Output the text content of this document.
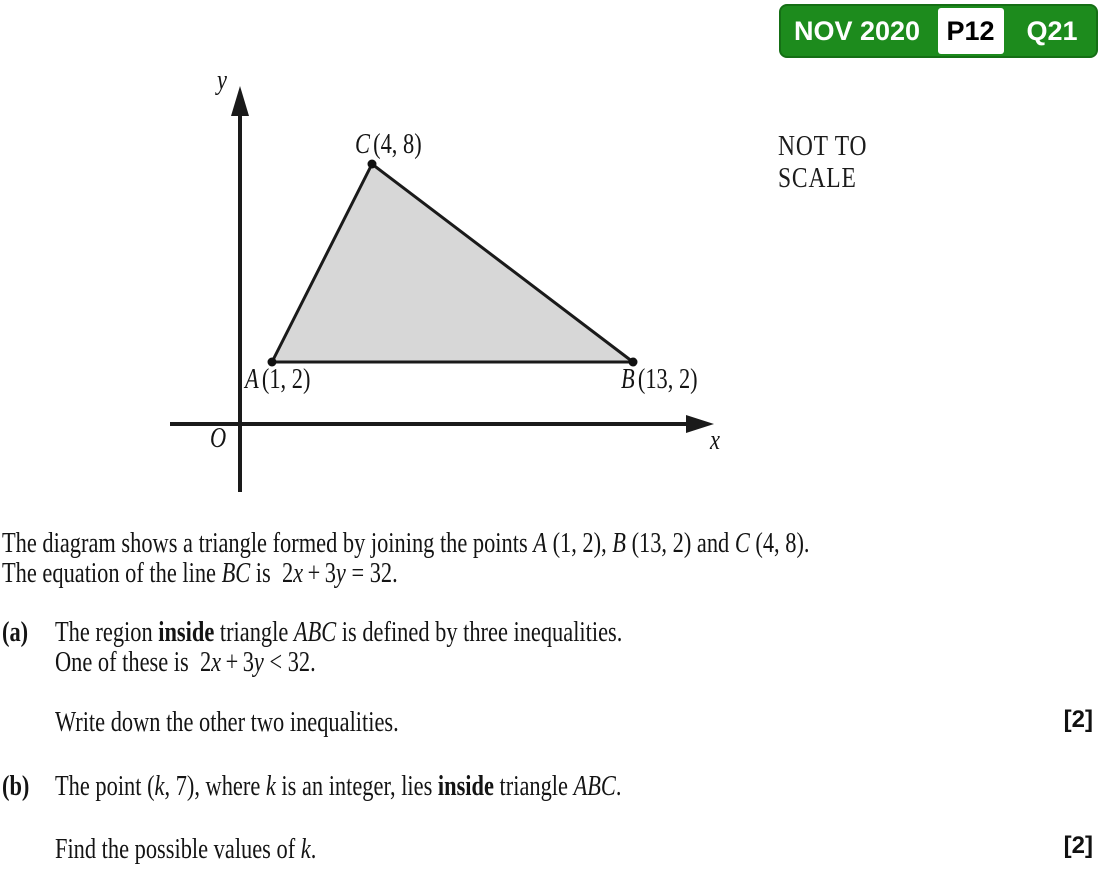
y
x
O
C (4, 8)
A (1, 2)	B (13, 2)
NOT TO
SCALE
NOV 2020 P12	Q21
The diagram shows a triangle formed by joining the points A (1, 2), B (13, 2) and C (4, 8).
The equation of the line BC is  2x + 3y = 32.
(a) The region inside triangle ABC is defined by three inequalities.
One of these is  2x + 3y < 32.
Write down the other two inequalities.	[2]
(b) The point (k, 7), where k is an integer, lies inside triangle ABC.
Find the possible values of k.	[2]
